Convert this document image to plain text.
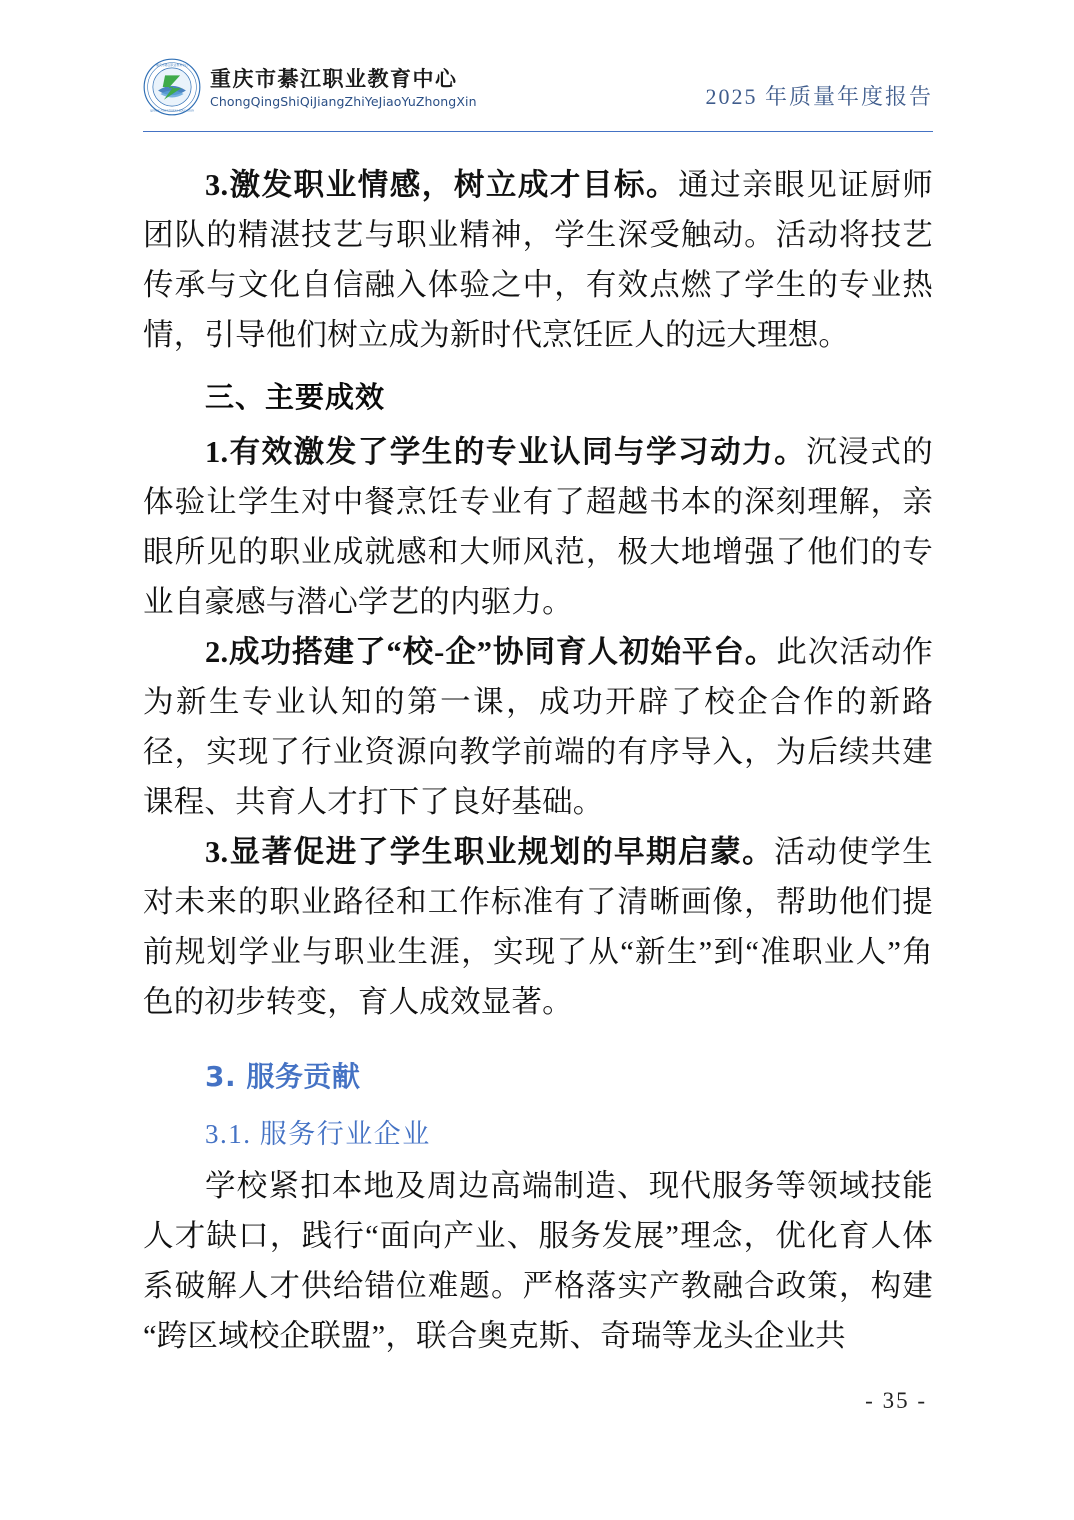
重庆市綦江职业教育中心
QIJIANG VOCATIONAL EDUCATION
重庆市綦江职业教育中心
ChongQingShiQiJiangZhiYeJiaoYuZhongXin	2025 年质量年度报告

3.激发职业情感，树立成才目标。通过亲眼见证厨师团队的精湛技艺与职业精神，学生深受触动。活动将技艺传承与文化自信融入体验之中，有效点燃了学生的专业热情，引导他们树立成为新时代烹饪匠人的远大理想。

三、主要成效

1.有效激发了学生的专业认同与学习动力。沉浸式的体验让学生对中餐烹饪专业有了超越书本的深刻理解，亲眼所见的职业成就感和大师风范，极大地增强了他们的专业自豪感与潜心学艺的内驱力。

2.成功搭建了“校-企”协同育人初始平台。此次活动作为新生专业认知的第一课，成功开辟了校企合作的新路径，实现了行业资源向教学前端的有序导入，为后续共建课程、共育人才打下了良好基础。

3.显著促进了学生职业规划的早期启蒙。活动使学生对未来的职业路径和工作标准有了清晰画像，帮助他们提前规划学业与职业生涯，实现了从“新生”到“准职业人”角色的初步转变，育人成效显著。

3. 服务贡献
3.1. 服务行业企业

学校紧扣本地及周边高端制造、现代服务等领域技能人才缺口，践行“面向产业、服务发展”理念，优化育人体系破解人才供给错位难题。严格落实产教融合政策，构建“跨区域校企联盟”，联合奥克斯、奇瑞等龙头企业共

- 35 -
